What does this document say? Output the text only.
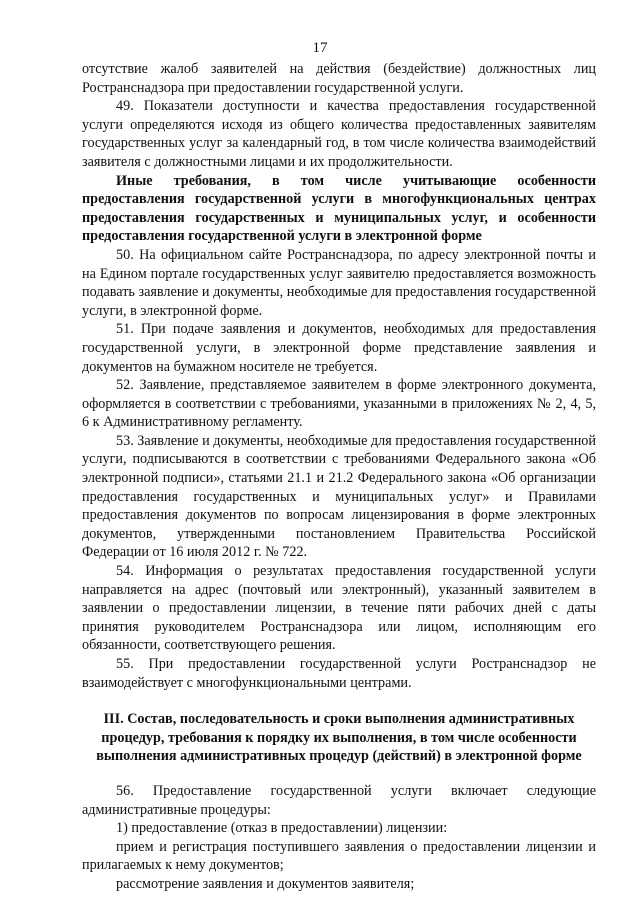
17

отсутствие жалоб заявителей на действия (бездействие) должностных лиц Ространснадзора при предоставлении государственной услуги.

49. Показатели доступности и качества предоставления государственной услуги определяются исходя из общего количества предоставленных заявителям государственных услуг за календарный год, в том числе количества взаимодействий заявителя с должностными лицами и их продолжительности.

Иные требования, в том числе учитывающие особенности предоставления государственной услуги в многофункциональных центрах предоставления государственных и муниципальных услуг, и особенности предоставления государственной услуги в электронной форме

50. На официальном сайте Ространснадзора, по адресу электронной почты и на Едином портале государственных услуг заявителю предоставляется возможность подавать заявление и документы, необходимые для предоставления государственной услуги, в электронной форме.

51. При подаче заявления и документов, необходимых для предоставления государственной услуги, в электронной форме представление заявления и документов на бумажном носителе не требуется.

52. Заявление, представляемое заявителем в форме электронного документа, оформляется в соответствии с требованиями, указанными в приложениях № 2, 4, 5, 6 к Административному регламенту.

53. Заявление и документы, необходимые для предоставления государственной услуги, подписываются в соответствии с требованиями Федерального закона «Об электронной подписи», статьями 21.1 и 21.2 Федерального закона «Об организации предоставления государственных и муниципальных услуг» и Правилами предоставления документов по вопросам лицензирования в форме электронных документов, утвержденными постановлением Правительства Российской Федерации от 16 июля 2012 г. № 722.

54. Информация о результатах предоставления государственной услуги направляется на адрес (почтовый или электронный), указанный заявителем в заявлении о предоставлении лицензии, в течение пяти рабочих дней с даты принятия руководителем Ространснадзора или лицом, исполняющим его обязанности, соответствующего решения.

55. При предоставлении государственной услуги Ространснадзор не взаимодействует с многофункциональными центрами.

III. Состав, последовательность и сроки выполнения административных процедур, требования к порядку их выполнения, в том числе особенности выполнения административных процедур (действий) в электронной форме

56. Предоставление государственной услуги включает следующие административные процедуры:

1) предоставление (отказ в предоставлении) лицензии:

прием и регистрация поступившего заявления о предоставлении лицензии и прилагаемых к нему документов;

рассмотрение заявления и документов заявителя;
